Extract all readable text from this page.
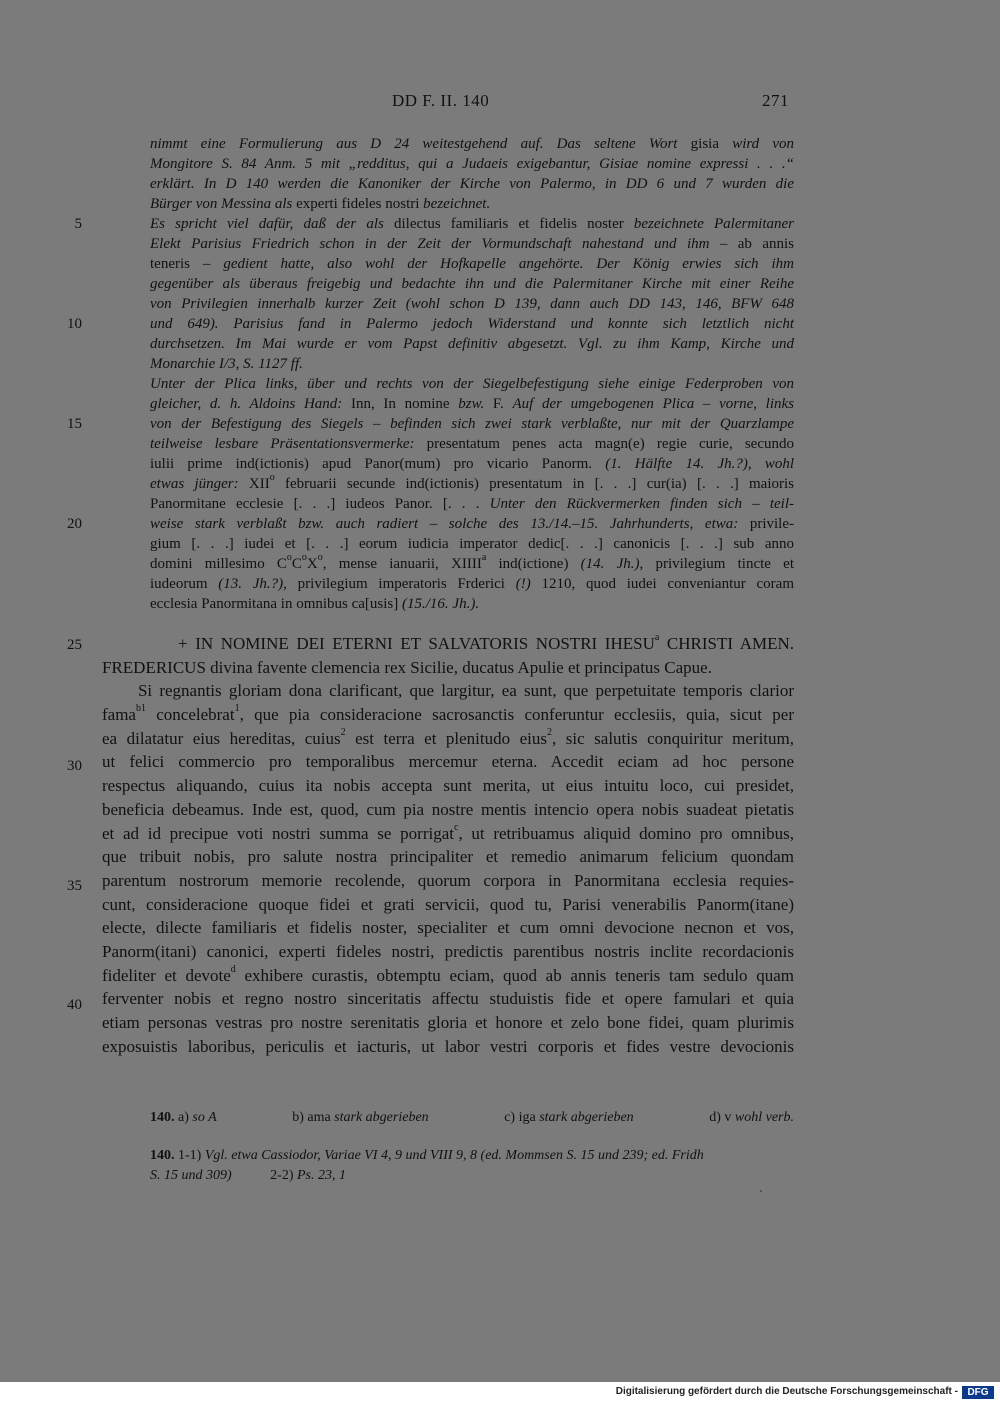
DD F. II. 140	271
nimmt eine Formulierung aus D 24 weitestgehend auf. Das seltene Wort gisia wird von
Mongitore S. 84 Anm. 5 mit „redditus, qui a Judaeis exigebantur, Gisiae nomine expressi . . .“
erklärt. In D 140 werden die Kanoniker der Kirche von Palermo, in DD 6 und 7 wurden die
Bürger von Messina als experti fideles nostri bezeichnet.
Es spricht viel dafür, daß der als dilectus familiaris et fidelis noster bezeichnete Palermitaner
Elekt Parisius Friedrich schon in der Zeit der Vormundschaft nahestand und ihm – ab annis
teneris – gedient hatte, also wohl der Hofkapelle angehörte. Der König erwies sich ihm
gegenüber als überaus freigebig und bedachte ihn und die Palermitaner Kirche mit einer Reihe
von Privilegien innerhalb kurzer Zeit (wohl schon D 139, dann auch DD 143, 146, BFW 648
und 649). Parisius fand in Palermo jedoch Widerstand und konnte sich letztlich nicht
durchsetzen. Im Mai wurde er vom Papst definitiv abgesetzt. Vgl. zu ihm Kamp, Kirche und
Monarchie I/3, S. 1127 ff.
Unter der Plica links, über und rechts von der Siegelbefestigung siehe einige Federproben von
gleicher, d. h. Aldoins Hand: Inn, In nomine bzw. F. Auf der umgebogenen Plica – vorne, links
von der Befestigung des Siegels – befinden sich zwei stark verblaßte, nur mit der Quarzlampe
teilweise lesbare Präsentationsvermerke: presentatum penes acta magn(e) regie curie, secundo
iulii prime ind(ictionis) apud Panor(mum) pro vicario Panorm. (1. Hälfte 14. Jh.?), wohl
etwas jünger: XII$^o$ februarii secunde ind(ictionis) presentatum in [. . .] cur(ia) [. . .] maioris
Panormitane ecclesie [. . .] iudeos Panor. [. . . Unter den Rückvermerken finden sich – teil-
weise stark verblaßt bzw. auch radiert – solche des 13./14.–15. Jahrhunderts, etwa: privile-
gium [. . .] iudei et [. . .] eorum iudicia imperator dedic[. . .] canonicis [. . .] sub anno
domini millesimo $C^oC^oX^o$, mense ianuarii, XIIII$^a$ ind(ictione) (14. Jh.), privilegium tincte et
iudeorum (13. Jh.?), privilegium imperatoris Frderici (!) 1210, quod iudei conveniantur coram
ecclesia Panormitana in omnibus ca[usis] (15./16. Jh.).
5
10
15
20
25
30
35
40
+ IN NOMINE DEI ETERNI ET SALVATORIS NOSTRI IHESU$^a$ CHRISTI AMEN.
FREDERICUS divina favente clemencia rex Sicilie, ducatus Apulie et principatus Capue.
Si regnantis gloriam dona clarificant, que largitur, ea sunt, que perpetuitate temporis clarior
fama$^{b1}$ concelebrat$^1$, que pia consideracione sacrosanctis conferuntur ecclesiis, quia, sicut per
ea dilatatur eius hereditas, cuius$^2$ est terra et plenitudo eius$^2$, sic salutis conquiritur meritum,
ut felici commercio pro temporalibus mercemur eterna. Accedit eciam ad hoc persone
respectus aliquando, cuius ita nobis accepta sunt merita, ut eius intuitu loco, cui presidet,
beneficia debeamus. Inde est, quod, cum pia nostre mentis intencio opera nobis suadeat pietatis
et ad id precipue voti nostri summa se porrigat$^c$, ut retribuamus aliquid domino pro omnibus,
que tribuit nobis, pro salute nostra principaliter et remedio animarum felicium quondam
parentum nostrorum memorie recolende, quorum corpora in Panormitana ecclesia requies-
cunt, consideracione quoque fidei et grati servicii, quod tu, Parisi venerabilis Panorm(itane)
electe, dilecte familiaris et fidelis noster, specialiter et cum omni devocione necnon et vos,
Panorm(itani) canonici, experti fideles nostri, predictis parentibus nostris inclite recordacionis
fideliter et devote$^d$ exhibere curastis, obtemptu eciam, quod ab annis teneris tam sedulo quam
ferventer nobis et regno nostro sinceritatis affectu studuistis fide et opere famulari et quia
etiam personas vestras pro nostre serenitatis gloria et honore et zelo bone fidei, quam plurimis
exposuistis laboribus, periculis et iacturis, ut labor vestri corporis et fides vestre devocionis
140. a) so A	b) ama stark abgerieben	c) iga stark abgerieben	d) v wohl verb.
140. 1-1) Vgl. etwa Cassiodor, Variae VI 4, 9 und VIII 9, 8 (ed. Mommsen S. 15 und 239; ed. Fridh
S. 15 und 309)           2-2) Ps. 23, 1
Digitalisierung gefördert durch die Deutsche Forschungsgemeinschaft - DFG
